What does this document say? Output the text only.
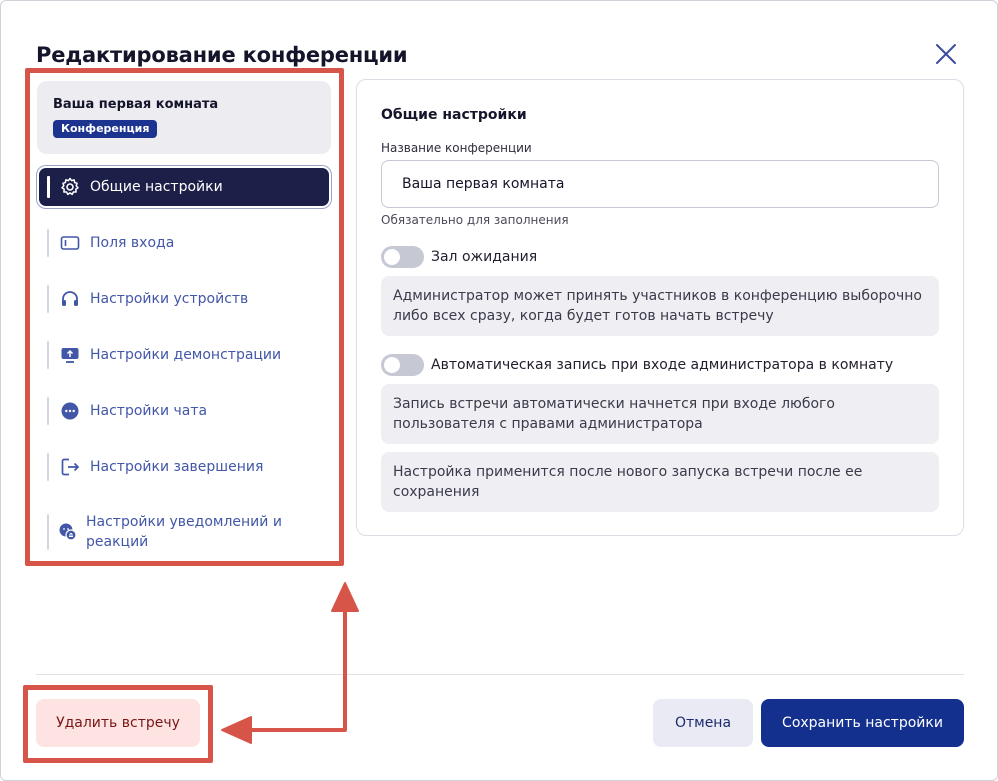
Редактирование конференции
Ваша первая комната
Конференция
Общие настройки
Поля входа
Настройки устройств
Настройки демонстрации
Настройки чата
Настройки завершения
Настройки уведомлений и реакций
Общие настройки
Название конференции
Ваша первая комната
Обязательно для заполнения
Зал ожидания
Администратор может принять участников в конференцию выборочно либо всех сразу, когда будет готов начать встречу
Автоматическая запись при входе администратора в комнату
Запись встречи автоматически начнется при входе любого пользователя с правами администратора
Настройка применится после нового запуска встречи после ее сохранения
Удалить встречу	Отмена	Сохранить настройки
